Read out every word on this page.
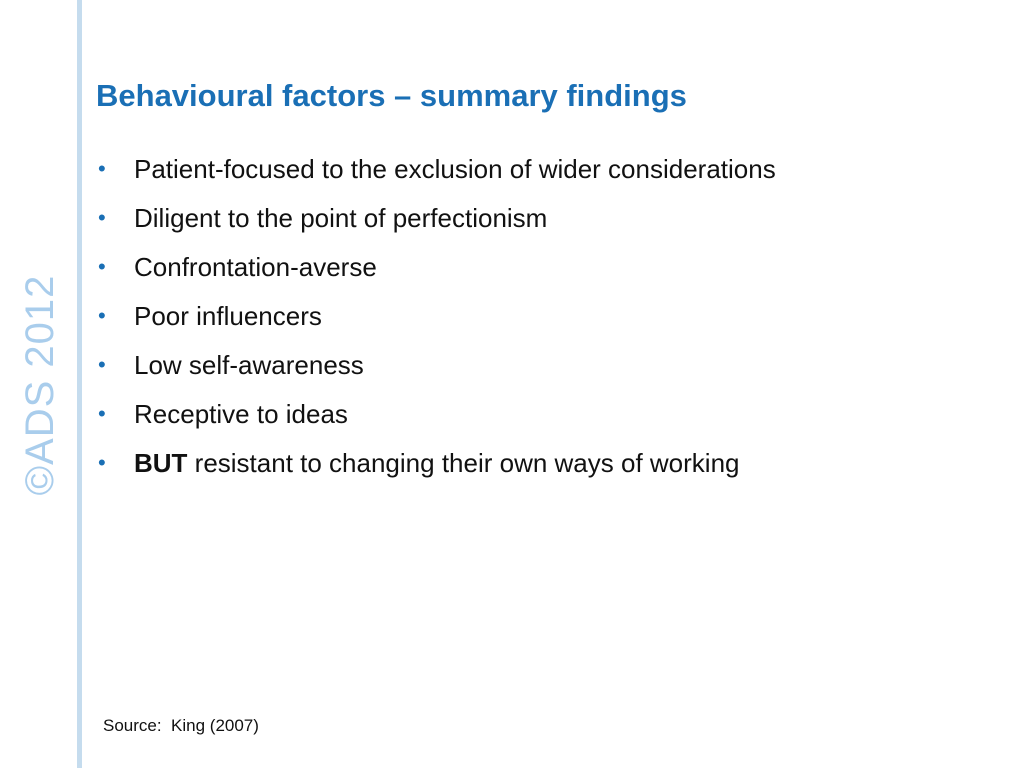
©ADS 2012
Behavioural factors – summary findings
• Patient-focused to the exclusion of wider considerations
• Diligent to the point of perfectionism
• Confrontation-averse
• Poor influencers
• Low self-awareness
• Receptive to ideas
• BUT resistant to changing their own ways of working
Source:  King (2007)
